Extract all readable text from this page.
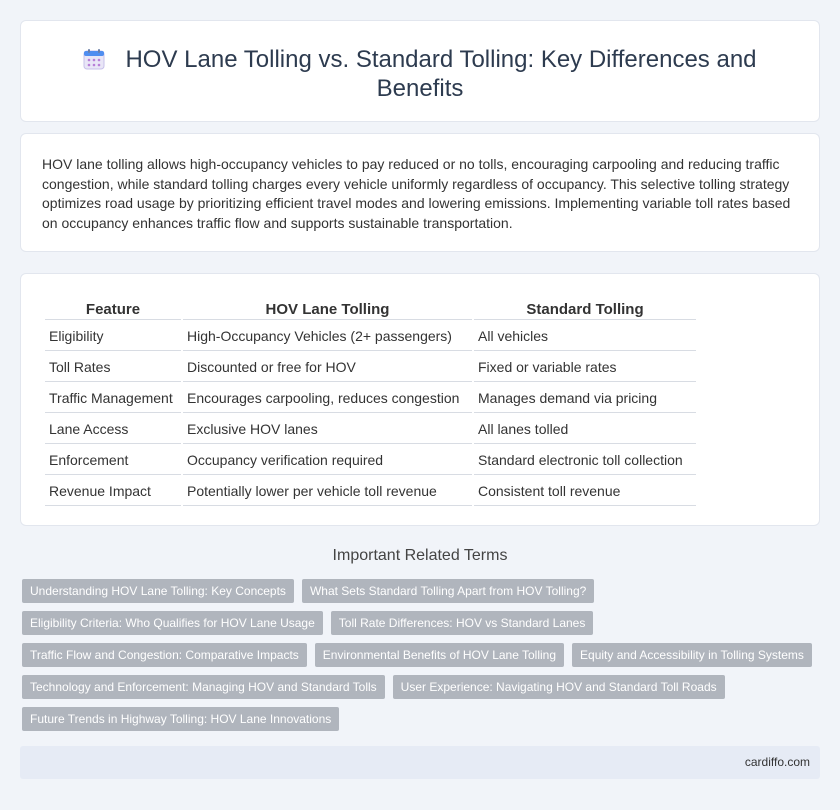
HOV Lane Tolling vs. Standard Tolling: Key Differences and Benefits

HOV lane tolling allows high-occupancy vehicles to pay reduced or no tolls, encouraging carpooling and reducing traffic congestion, while standard tolling charges every vehicle uniformly regardless of occupancy. This selective tolling strategy optimizes road usage by prioritizing efficient travel modes and lowering emissions. Implementing variable toll rates based on occupancy enhances traffic flow and supports sustainable transportation.

Feature	HOV Lane Tolling	Standard Tolling
Eligibility	High-Occupancy Vehicles (2+ passengers)	All vehicles
Toll Rates	Discounted or free for HOV	Fixed or variable rates
Traffic Management	Encourages carpooling, reduces congestion	Manages demand via pricing
Lane Access	Exclusive HOV lanes	All lanes tolled
Enforcement	Occupancy verification required	Standard electronic toll collection
Revenue Impact	Potentially lower per vehicle toll revenue	Consistent toll revenue
Important Related Terms
Understanding HOV Lane Tolling: Key Concepts	What Sets Standard Tolling Apart from HOV Tolling?
Eligibility Criteria: Who Qualifies for HOV Lane Usage	Toll Rate Differences: HOV vs Standard Lanes
Traffic Flow and Congestion: Comparative Impacts	Environmental Benefits of HOV Lane Tolling	Equity and Accessibility in Tolling Systems
Technology and Enforcement: Managing HOV and Standard Tolls	User Experience: Navigating HOV and Standard Toll Roads
Future Trends in Highway Tolling: HOV Lane Innovations
cardiffo.com
